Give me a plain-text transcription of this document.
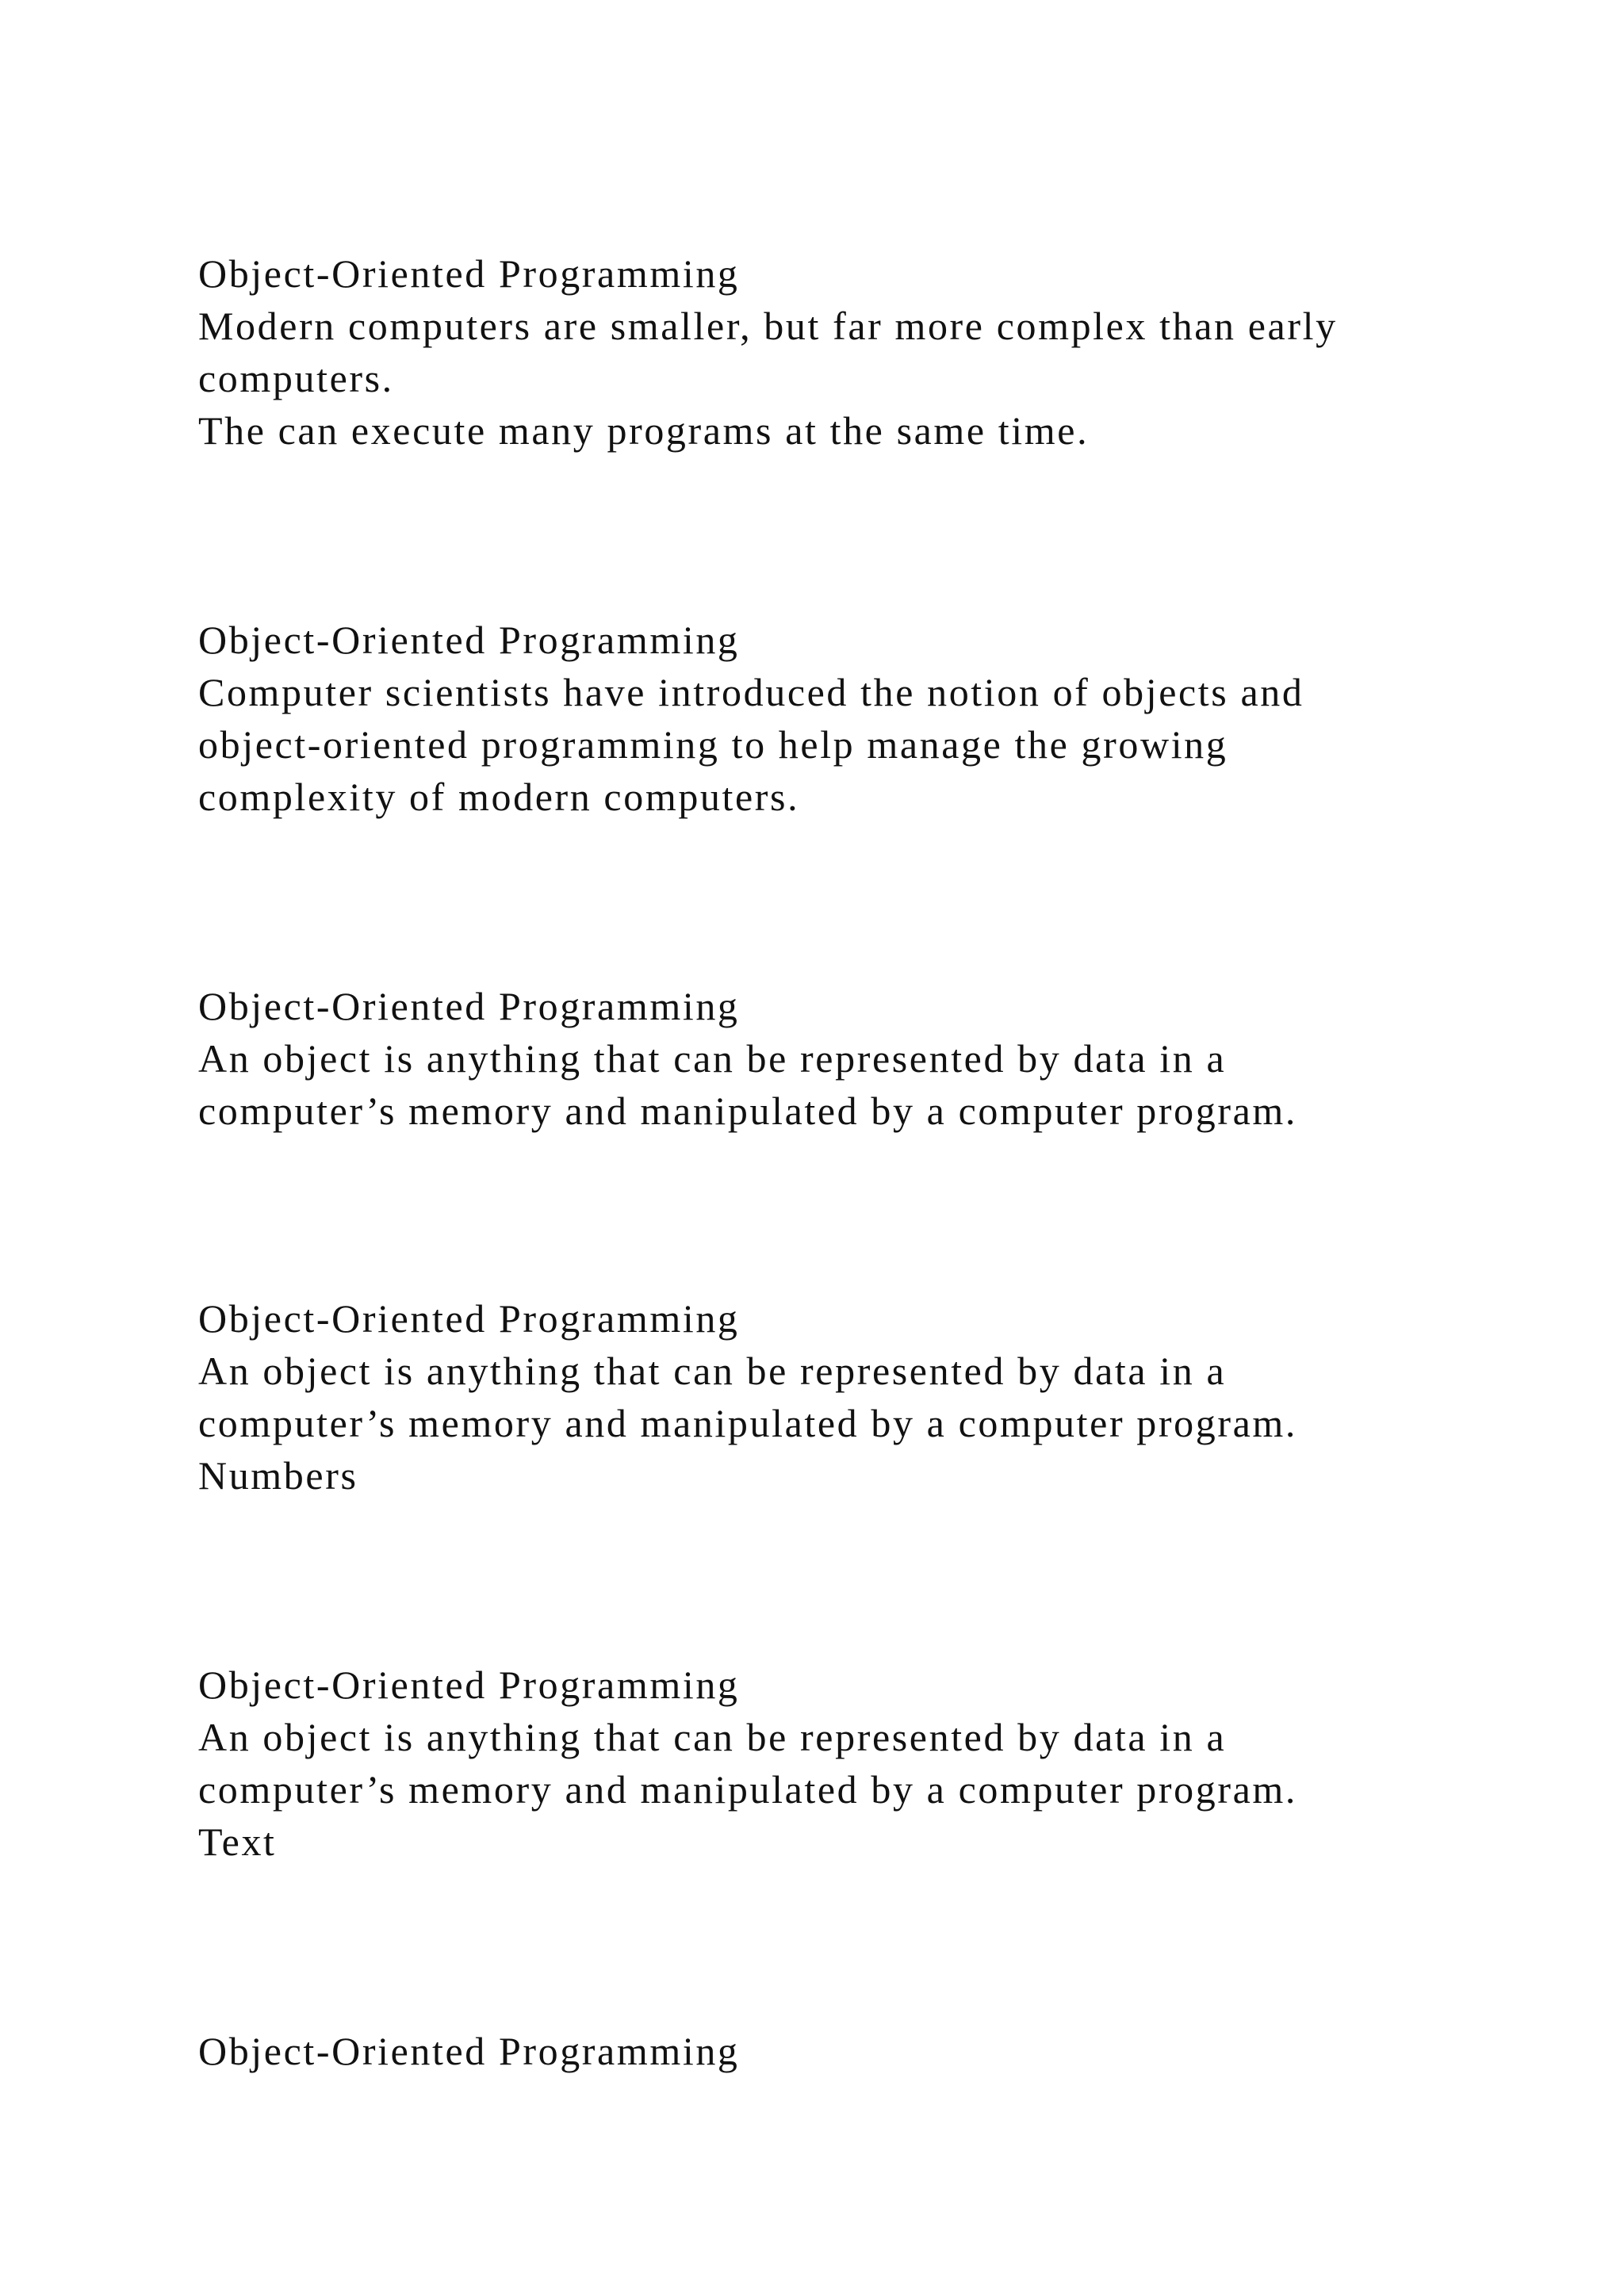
Object-Oriented Programming
Modern computers are smaller, but far more complex than early
computers.
The can execute many programs at the same time.
Object-Oriented Programming
Computer scientists have introduced the notion of objects and
object-oriented programming to help manage the growing
complexity of modern computers.
Object-Oriented Programming
An object is anything that can be represented by data in a
computer’s memory and manipulated by a computer program.
Object-Oriented Programming
An object is anything that can be represented by data in a
computer’s memory and manipulated by a computer program.
Numbers
Object-Oriented Programming
An object is anything that can be represented by data in a
computer’s memory and manipulated by a computer program.
Text
Object-Oriented Programming
